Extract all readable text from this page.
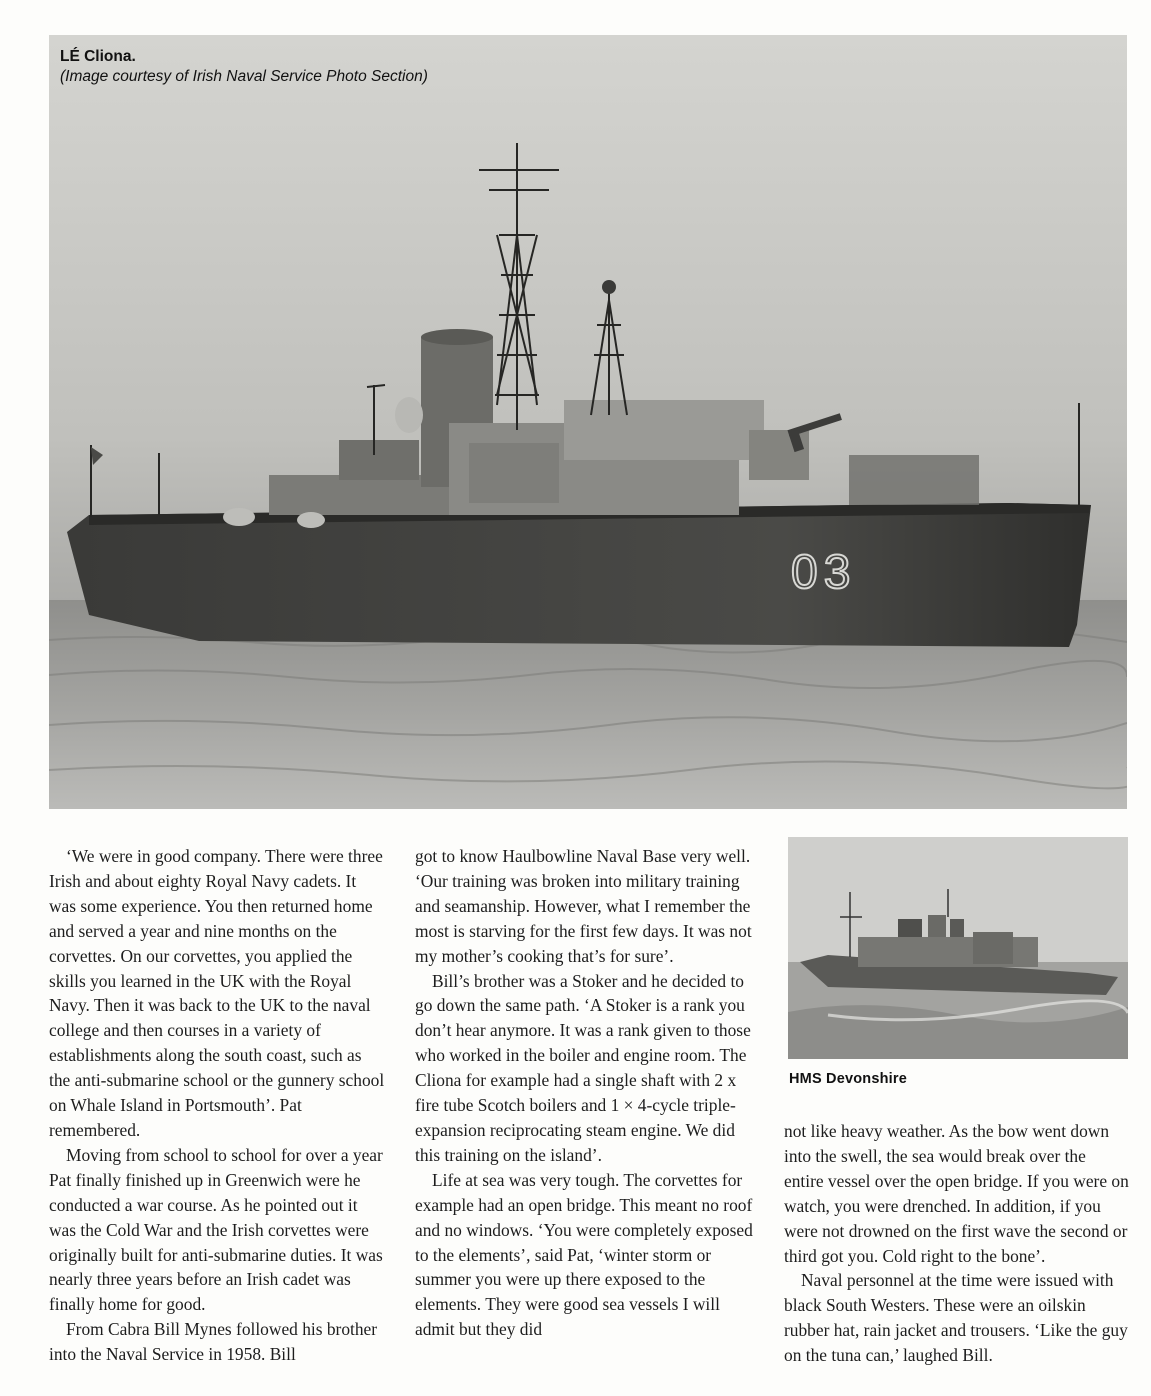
03
LÉ Cliona.
(Image courtesy of Irish Naval Service Photo Section)

‘We were in good company. There were three Irish and about eighty Royal Navy cadets. It was some experience. You then returned home and served a year and nine months on the corvettes. On our corvettes, you applied the skills you learned in the UK with the Royal Navy. Then it was back to the UK to the naval college and then courses in a variety of establishments along the south coast, such as the anti-submarine school or the gunnery school on Whale Island in Portsmouth’. Pat remembered.

Moving from school to school for over a year Pat finally finished up in Greenwich were he conducted a war course. As he pointed out it was the Cold War and the Irish corvettes were originally built for anti-submarine duties. It was nearly three years before an Irish cadet was finally home for good.

From Cabra Bill Mynes followed his brother into the Naval Service in 1958. Bill

got to know Haulbowline Naval Base very well. ‘Our training was broken into military training and seamanship. However, what I remember the most is starving for the first few days. It was not my mother’s cooking that’s for sure’.

Bill’s brother was a Stoker and he decided to go down the same path. ‘A Stoker is a rank you don’t hear anymore. It was a rank given to those who worked in the boiler and engine room. The Cliona for example had a single shaft with 2 x fire tube Scotch boilers and 1 × 4-cycle triple-expansion reciprocating steam engine. We did this training on the island’.

Life at sea was very tough. The corvettes for example had an open bridge. This meant no roof and no windows. ‘You were completely exposed to the elements’, said Pat, ‘winter storm or summer you were up there exposed to the elements. They were good sea vessels I will admit but they did

HMS Devonshire

not like heavy weather. As the bow went down into the swell, the sea would break over the entire vessel over the open bridge. If you were on watch, you were drenched. In addition, if you were not drowned on the first wave the second or third got you. Cold right to the bone’.

Naval personnel at the time were issued with black South Westers. These were an oilskin rubber hat, rain jacket and trousers. ‘Like the guy on the tuna can,’ laughed Bill.
